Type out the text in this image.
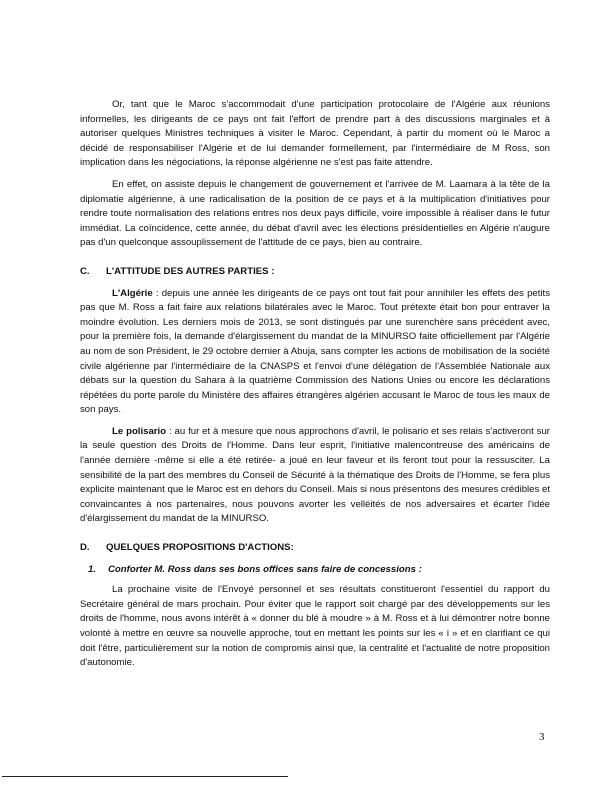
Or, tant que le Maroc s'accommodait d'une participation protocolaire de l'Algérie aux réunions informelles, les dirigeants de ce pays ont fait l'effort de prendre part à des discussions marginales et à autoriser quelques Ministres techniques à visiter le Maroc. Cependant, à partir du moment où le Maroc a décidé de responsabiliser l'Algérie et de lui demander formellement, par l'intermédiaire de M Ross, son implication dans les négociations, la réponse algérienne ne s'est pas faite attendre.

En effet, on assiste depuis le changement de gouvernement et l'arrivée de M. Laamara à la tête de la diplomatie algérienne, à une radicalisation de la position de ce pays et à la multiplication d'initiatives pour rendre toute normalisation des relations entres nos deux pays difficile, voire impossible à réaliser dans le futur immédiat. La coïncidence, cette année, du débat d'avril avec les élections présidentielles en Algérie n'augure pas d'un quelconque assouplissement de l'attitude de ce pays, bien au contraire.

C. L'ATTITUDE DES AUTRES PARTIES :

L'Algérie : depuis une année les dirigeants de ce pays ont tout fait pour annihiler les effets des petits pas que M. Ross a fait faire aux relations bilatérales avec le Maroc. Tout prétexte était bon pour entraver la moindre évolution. Les derniers mois de 2013, se sont distingués par une surenchère sans précédent avec, pour la première fois, la demande d'élargissement du mandat de la MINURSO faite officiellement par l'Algérie au nom de son Président, le 29 octobre dernier à Abuja, sans compter les actions de mobilisation de la société civile algérienne par l'intermédiaire de la CNASPS et l'envoi d'une délégation de l'Assemblée Nationale aux débats sur la question du Sahara à la quatrième Commission des Nations Unies ou encore les déclarations répétées du porte parole du Ministère des affaires étrangères algérien accusant le Maroc de tous les maux de son pays.

Le polisario : au fur et à mesure que nous approchons d'avril, le polisario et ses relais s'activeront sur la seule question des Droits de l'Homme. Dans leur esprit, l'initiative malencontreuse des américains de l'année dernière -même si elle a été retirée- a joué en leur faveur et ils feront tout pour la ressusciter. La sensibilité de la part des membres du Conseil de Sécurité à la thématique des Droits de l'Homme, se fera plus explicite maintenant que le Maroc est en dehors du Conseil. Mais si nous présentons des mesures crédibles et convaincantes à nos partenaires, nous pouvons avorter les velléités de nos adversaires et écarter l'idée d'élargissement du mandat de la MINURSO.

D. QUELQUES PROPOSITIONS D'ACTIONS:

1. Conforter M. Ross dans ses bons offices sans faire de concessions :

La prochaine visite de l'Envoyé personnel et ses résultats constitueront l'essentiel du rapport du Secrétaire général de mars prochain. Pour éviter que le rapport soit chargé par des développements sur les droits de l'homme, nous avons intérêt à « donner du blé à moudre » à M. Ross et à lui démontrer notre bonne volonté à mettre en œuvre sa nouvelle approche, tout en mettant les points sur les « i » et en clarifiant ce qui doit l'être, particulièrement sur la notion de compromis ainsi que, la centralité et l'actualité de notre proposition d'autonomie.

3
